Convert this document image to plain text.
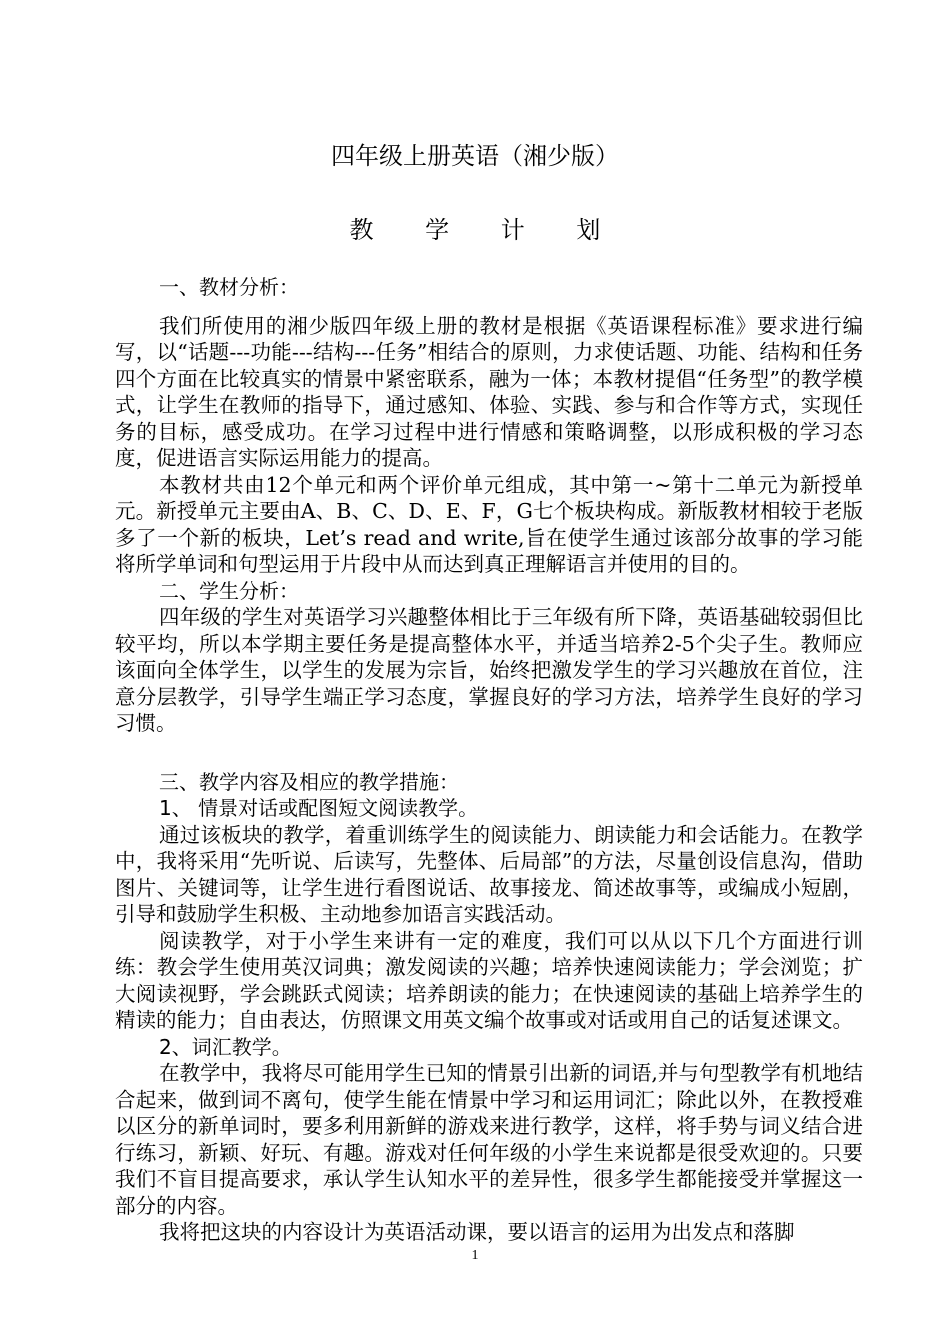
四年级上册英语（湘少版）
教 学 计 划

一、教材分析：

我们所使用的湘少版四年级上册的教材是根据《英语课程标准》要求进行编写，以“话题---功能---结构---任务”相结合的原则，力求使话题、功能、结构和任务四个方面在比较真实的情景中紧密联系，融为一体；本教材提倡“任务型”的教学模式，让学生在教师的指导下，通过感知、体验、实践、参与和合作等方式，实现任务的目标，感受成功。在学习过程中进行情感和策略调整，以形成积极的学习态度，促进语言实际运用能力的提高。

本教材共由12个单元和两个评价单元组成，其中第一~第十二单元为新授单元。新授单元主要由A、B、C、D、E、F，G七个板块构成。新版教材相较于老版多了一个新的板块，Let’s read and write,旨在使学生通过该部分故事的学习能将所学单词和句型运用于片段中从而达到真正理解语言并使用的目的。

二、学生分析：

四年级的学生对英语学习兴趣整体相比于三年级有所下降，英语基础较弱但比较平均，所以本学期主要任务是提高整体水平，并适当培养2-5个尖子生。教师应该面向全体学生，以学生的发展为宗旨，始终把激发学生的学习兴趣放在首位，注意分层教学，引导学生端正学习态度，掌握良好的学习方法，培养学生良好的学习习惯。

三、教学内容及相应的教学措施：

1、 情景对话或配图短文阅读教学。

通过该板块的教学，着重训练学生的阅读能力、朗读能力和会话能力。在教学中，我将采用“先听说、后读写，先整体、后局部”的方法，尽量创设信息沟，借助图片、关键词等，让学生进行看图说话、故事接龙、简述故事等，或编成小短剧，引导和鼓励学生积极、主动地参加语言实践活动。

阅读教学，对于小学生来讲有一定的难度，我们可以从以下几个方面进行训练：教会学生使用英汉词典；激发阅读的兴趣；培养快速阅读能力；学会浏览；扩大阅读视野，学会跳跃式阅读；培养朗读的能力；在快速阅读的基础上培养学生的精读的能力；自由表达，仿照课文用英文编个故事或对话或用自己的话复述课文。

2、词汇教学。

在教学中，我将尽可能用学生已知的情景引出新的词语,并与句型教学有机地结合起来，做到词不离句，使学生能在情景中学习和运用词汇；除此以外，在教授难以区分的新单词时，要多利用新鲜的游戏来进行教学，这样，将手势与词义结合进行练习，新颖、好玩、有趣。游戏对任何年级的小学生来说都是很受欢迎的。只要我们不盲目提高要求，承认学生认知水平的差异性，很多学生都能接受并掌握这一部分的内容。

我将把这块的内容设计为英语活动课，要以语言的运用为出发点和落脚

1
